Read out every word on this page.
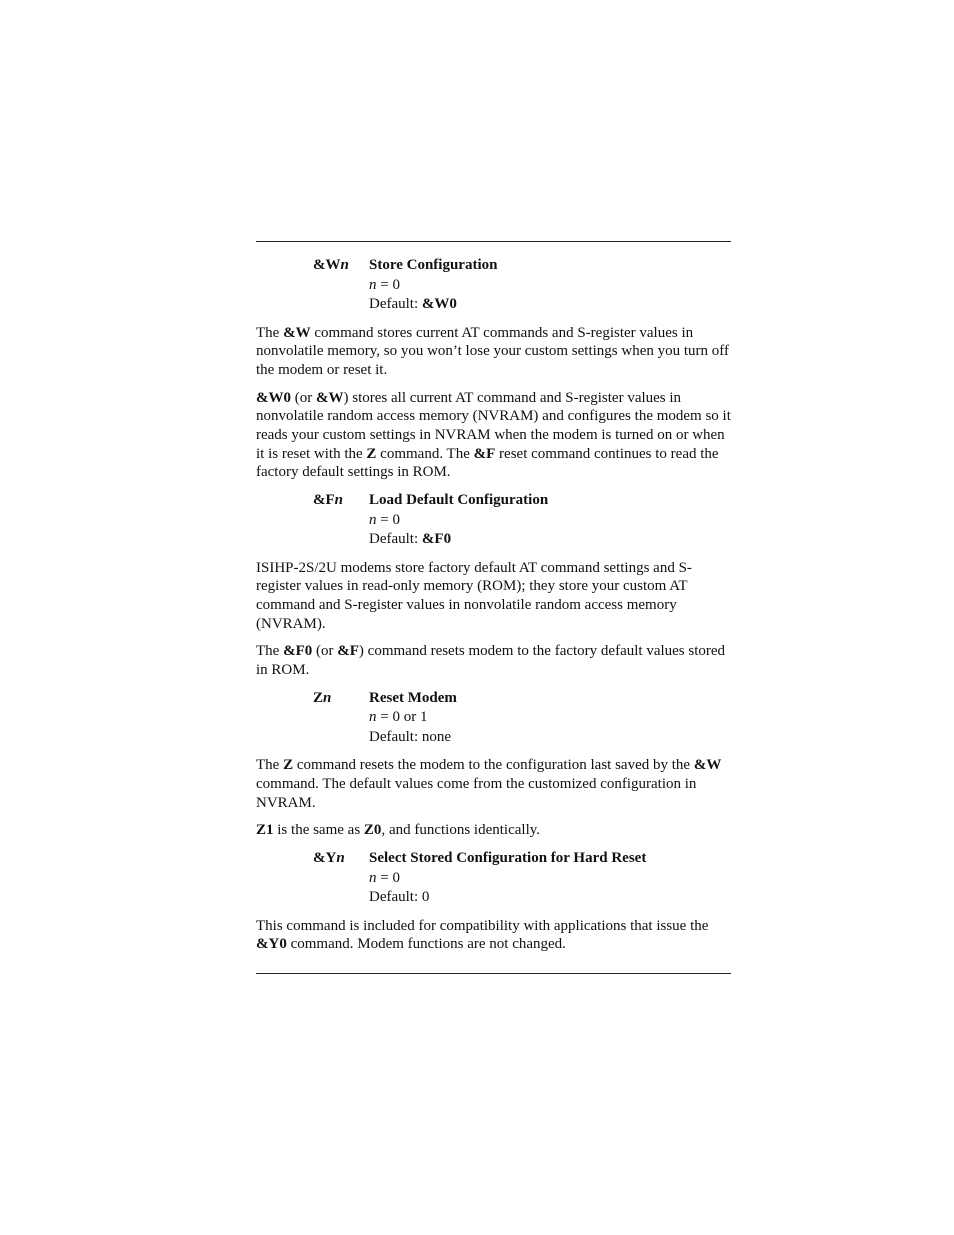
&Wn Store Configuration
n = 0
Default: &W0

The &W command stores current AT commands and S-register values in nonvolatile memory, so you won’t lose your custom settings when you turn off the modem or reset it.

&W0 (or &W) stores all current AT command and S-register values in nonvolatile random access memory (NVRAM) and configures the modem so it reads your custom settings in NVRAM when the modem is turned on or when it is reset with the Z command. The &F reset command continues to read the factory default settings in ROM.

&Fn Load Default Configuration
n = 0
Default: &F0

ISIHP-2S/2U modems store factory default AT command settings and S-register values in read-only memory (ROM); they store your custom AT command and S-register values in nonvolatile random access memory (NVRAM).

The &F0 (or &F) command resets modem to the factory default values stored in ROM.

Zn	Reset Modem
n = 0 or 1
Default: none

The Z command resets the modem to the configuration last saved by the &W command. The default values come from the customized configuration in NVRAM.

Z1 is the same as Z0, and functions identically.

&Yn Select Stored Configuration for Hard Reset
n = 0
Default: 0

This command is included for compatibility with applications that issue the &Y0 command. Modem functions are not changed.
